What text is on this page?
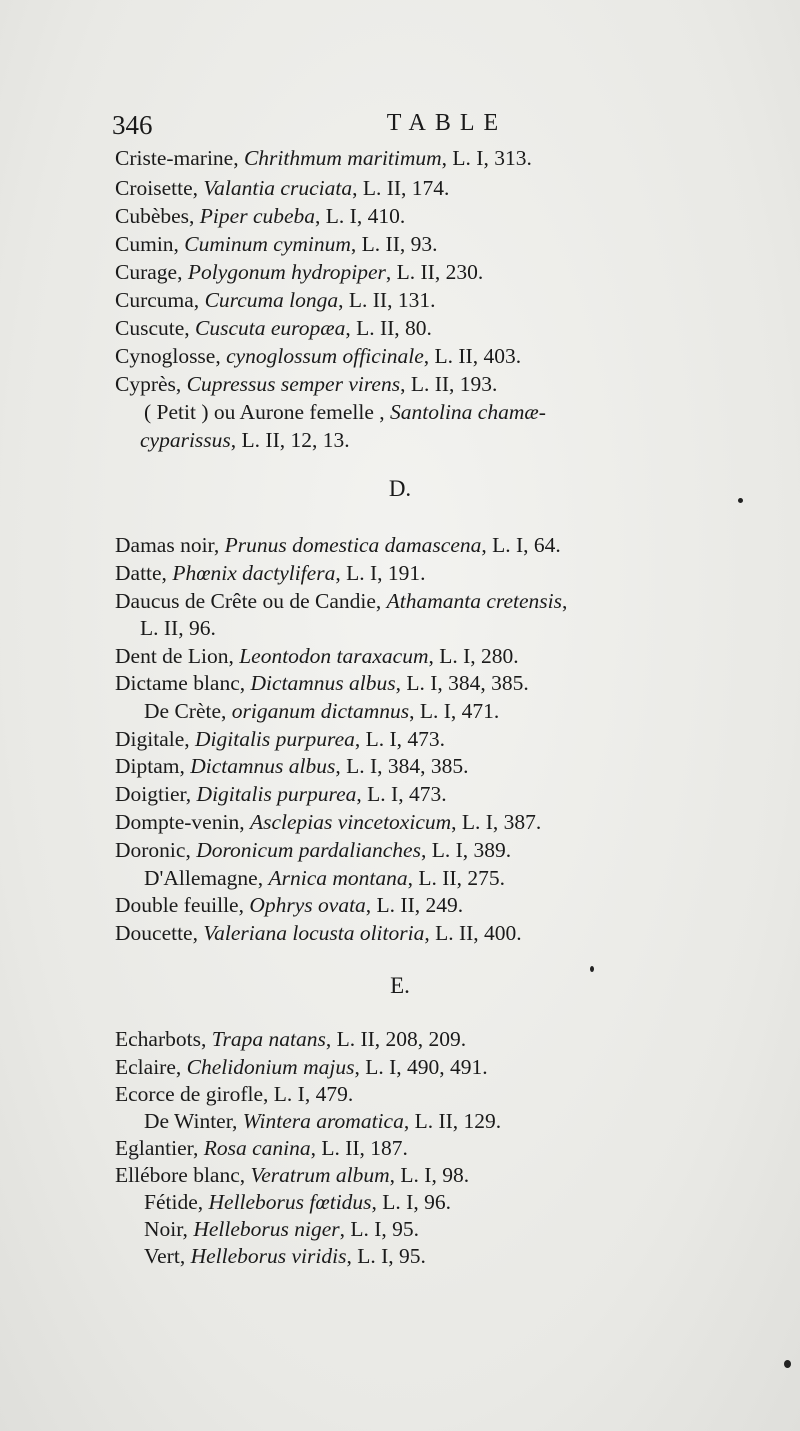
346	TABLE
Criste-marine, Chrithmum maritimum, L. I, 313.
Croisette, Valantia cruciata, L. II, 174.
Cubèbes, Piper cubeba, L. I, 410.
Cumin, Cuminum cyminum, L. II, 93.
Curage, Polygonum hydropiper, L. II, 230.
Curcuma, Curcuma longa, L. II, 131.
Cuscute, Cuscuta europæa, L. II, 80.
Cynoglosse, cynoglossum officinale, L. II, 403.
Cyprès, Cupressus semper virens, L. II, 193.
( Petit ) ou Aurone femelle , Santolina chamæ-
cyparissus, L. II, 12, 13.
D.
Damas noir, Prunus domestica damascena, L. I, 64.
Datte, Phœnix dactylifera, L. I, 191.
Daucus de Crête ou de Candie, Athamanta cretensis,
L. II, 96.
Dent de Lion, Leontodon taraxacum, L. I, 280.
Dictame blanc, Dictamnus albus, L. I, 384, 385.
De Crète, origanum dictamnus, L. I, 471.
Digitale, Digitalis purpurea, L. I, 473.
Diptam, Dictamnus albus, L. I, 384, 385.
Doigtier, Digitalis purpurea, L. I, 473.
Dompte-venin, Asclepias vincetoxicum, L. I, 387.
Doronic, Doronicum pardalianches, L. I, 389.
D'Allemagne, Arnica montana, L. II, 275.
Double feuille, Ophrys ovata, L. II, 249.
Doucette, Valeriana locusta olitoria, L. II, 400.
E.
Echarbots, Trapa natans, L. II, 208, 209.
Eclaire, Chelidonium majus, L. I, 490, 491.
Ecorce de girofle, L. I, 479.
De Winter, Wintera aromatica, L. II, 129.
Eglantier, Rosa canina, L. II, 187.
Ellébore blanc, Veratrum album, L. I, 98.
Fétide, Helleborus fœtidus, L. I, 96.
Noir, Helleborus niger, L. I, 95.
Vert, Helleborus viridis, L. I, 95.
